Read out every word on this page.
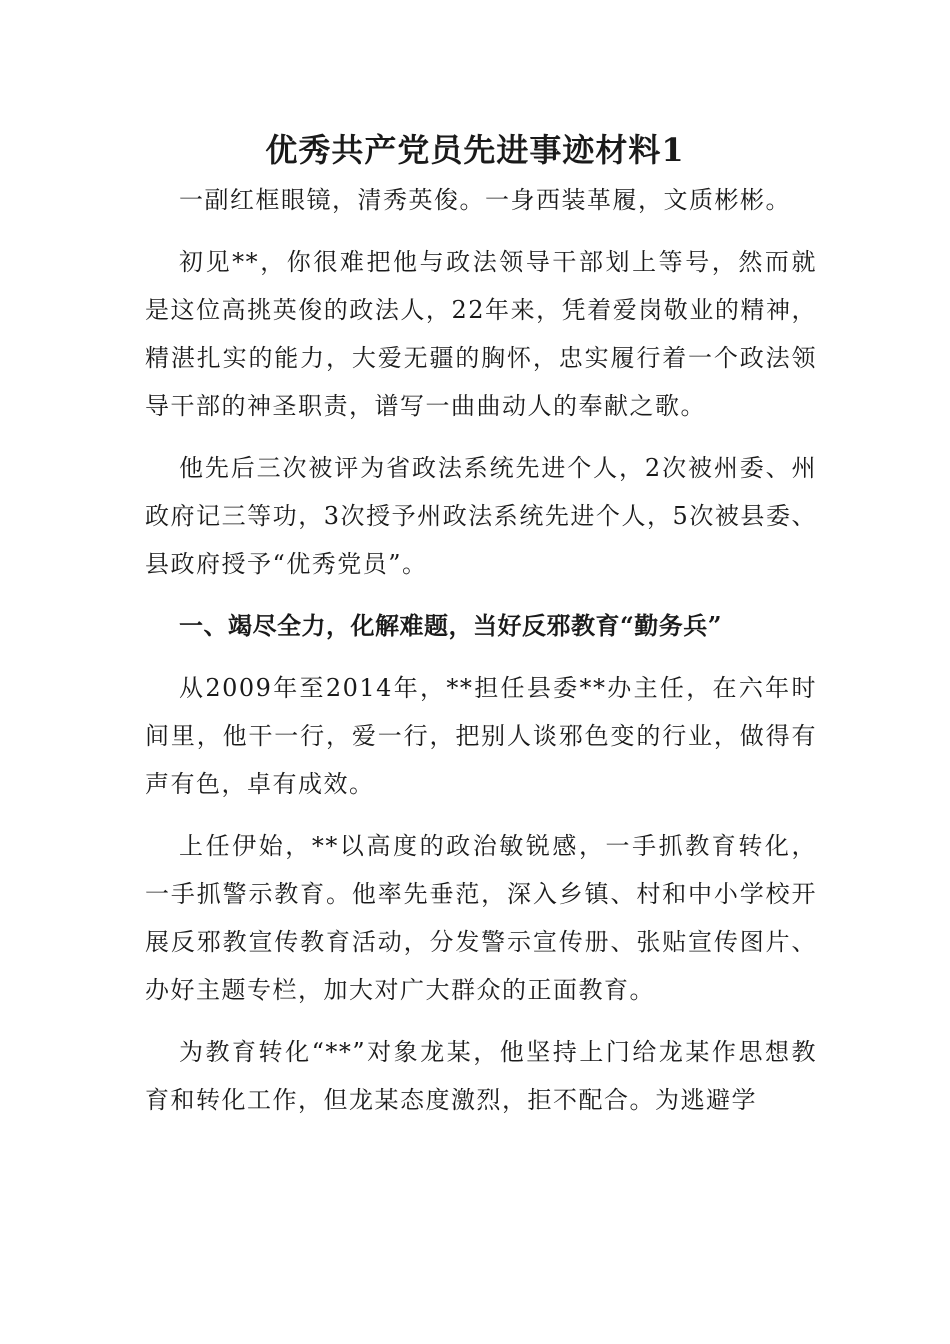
优秀共产党员先进事迹材料1

一副红框眼镜，清秀英俊。一身西装革履，文质彬彬。

初见**，你很难把他与政法领导干部划上等号，然而就是这位高挑英俊的政法人，22年来，凭着爱岗敬业的精神，精湛扎实的能力，大爱无疆的胸怀，忠实履行着一个政法领导干部的神圣职责，谱写一曲曲动人的奉献之歌。

他先后三次被评为省政法系统先进个人，2次被州委、州政府记三等功，3次授予州政法系统先进个人，5次被县委、县政府授予“优秀党员”。

一、竭尽全力，化解难题，当好反邪教育“勤务兵”

从2009年至2014年，**担任县委**办主任，在六年时间里，他干一行，爱一行，把别人谈邪色变的行业，做得有声有色，卓有成效。

上任伊始，**以高度的政治敏锐感，一手抓教育转化，一手抓警示教育。他率先垂范，深入乡镇、村和中小学校开展反邪教宣传教育活动，分发警示宣传册、张贴宣传图片、办好主题专栏，加大对广大群众的正面教育。

为教育转化“**”对象龙某，他坚持上门给龙某作思想教育和转化工作，但龙某态度激烈，拒不配合。为逃避学
